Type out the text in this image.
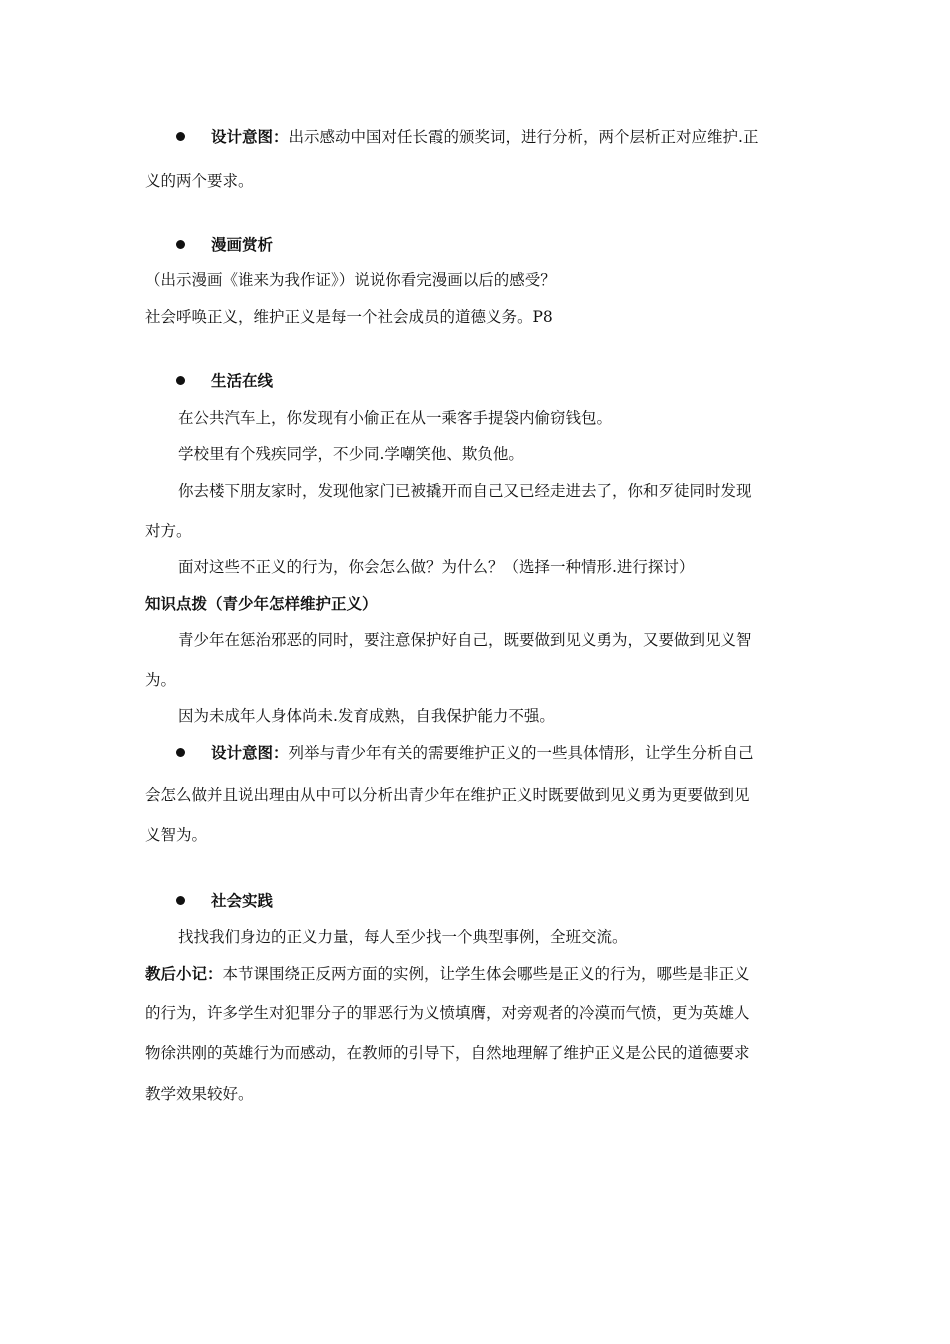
设计意图：出示感动中国对任长霞的颁奖词，进行分析，两个层析正对应维护.正
义的两个要求。
漫画赏析
（出示漫画《谁来为我作证》）说说你看完漫画以后的感受？
社会呼唤正义，维护正义是每一个社会成员的道德义务。P8
生活在线
在公共汽车上，你发现有小偷正在从一乘客手提袋内偷窃钱包。
学校里有个残疾同学，不少同.学嘲笑他、欺负他。
你去楼下朋友家时，发现他家门已被撬开而自己又已经走进去了，你和歹徒同时发现
对方。
面对这些不正义的行为，你会怎么做？为什么？（选择一种情形.进行探讨）
知识点拨（青少年怎样维护正义）
青少年在惩治邪恶的同时，要注意保护好自己，既要做到见义勇为，又要做到见义智
为。
因为未成年人身体尚未.发育成熟，自我保护能力不强。
设计意图：列举与青少年有关的需要维护正义的一些具体情形，让学生分析自己
会怎么做并且说出理由从中可以分析出青少年在维护正义时既要做到见义勇为更要做到见
义智为。
社会实践
找找我们身边的正义力量，每人至少找一个典型事例，全班交流。
教后小记：本节课围绕正反两方面的实例，让学生体会哪些是正义的行为，哪些是非正义
的行为，许多学生对犯罪分子的罪恶行为义愤填膺，对旁观者的冷漠而气愤，更为英雄人
物徐洪刚的英雄行为而感动，在教师的引导下，自然地理解了维护正义是公民的道德要求
教学效果较好。
